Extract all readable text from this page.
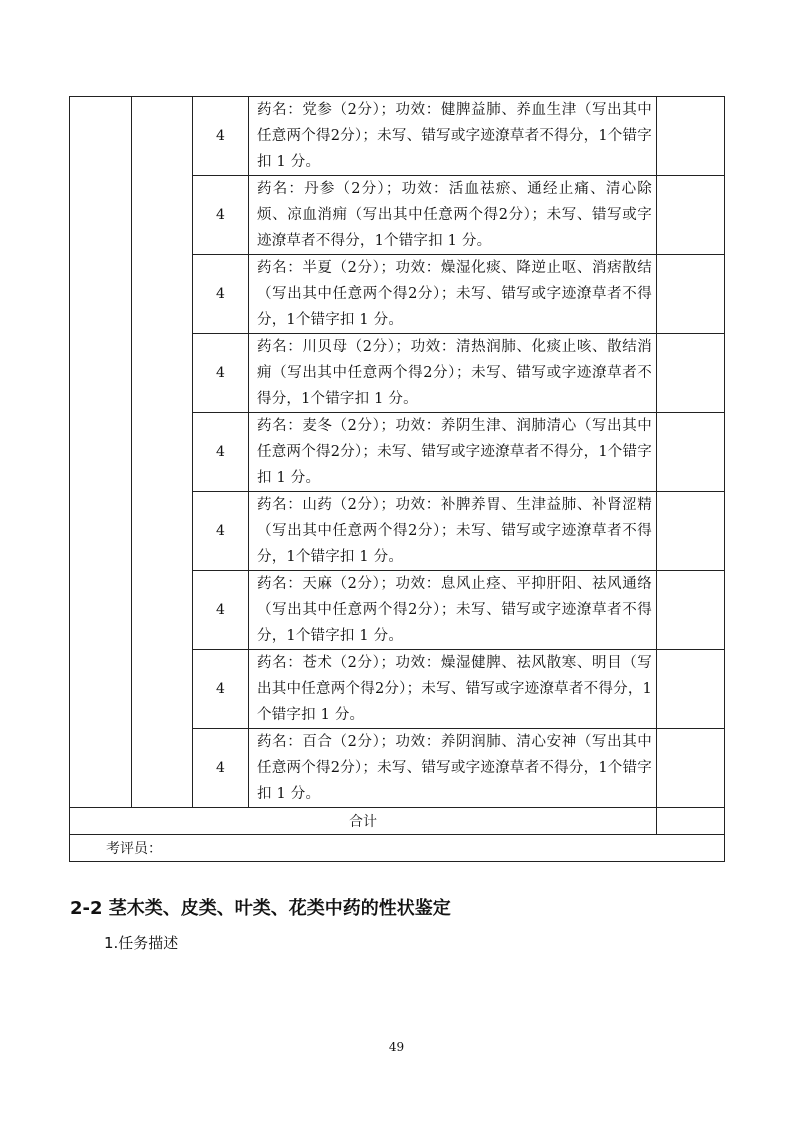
		4	药名：党参（2分）；功效：健脾益肺、养血生津（写出其中任意两个得2分）；未写、错写或字迹潦草者不得分，1个错字扣 1 分。	
		4	药名：丹参（2分）；功效：活血祛瘀、通经止痛、清心除烦、凉血消痈（写出其中任意两个得2分）；未写、错写或字迹潦草者不得分，1个错字扣 1 分。	
		4	药名：半夏（2分）；功效：燥湿化痰、降逆止呕、消痞散结（写出其中任意两个得2分）；未写、错写或字迹潦草者不得分，1个错字扣 1 分。	
		4	药名：川贝母（2分）；功效：清热润肺、化痰止咳、散结消痈（写出其中任意两个得2分）；未写、错写或字迹潦草者不得分，1个错字扣 1 分。	
		4	药名：麦冬（2分）；功效：养阴生津、润肺清心（写出其中任意两个得2分）；未写、错写或字迹潦草者不得分，1个错字扣 1 分。	
		4	药名：山药（2分）；功效：补脾养胃、生津益肺、补肾涩精（写出其中任意两个得2分）；未写、错写或字迹潦草者不得分，1个错字扣 1 分。	
		4	药名：天麻（2分）；功效：息风止痉、平抑肝阳、祛风通络（写出其中任意两个得2分）；未写、错写或字迹潦草者不得分，1个错字扣 1 分。	
		4	药名：苍术（2分）；功效：燥湿健脾、祛风散寒、明目（写出其中任意两个得2分）；未写、错写或字迹潦草者不得分，1个错字扣 1 分。	
		4	药名：百合（2分）；功效：养阴润肺、清心安神（写出其中任意两个得2分）；未写、错写或字迹潦草者不得分，1个错字扣 1 分。	
合计				
考评员：				
2-2 茎木类、皮类、叶类、花类中药的性状鉴定
1.任务描述
49
